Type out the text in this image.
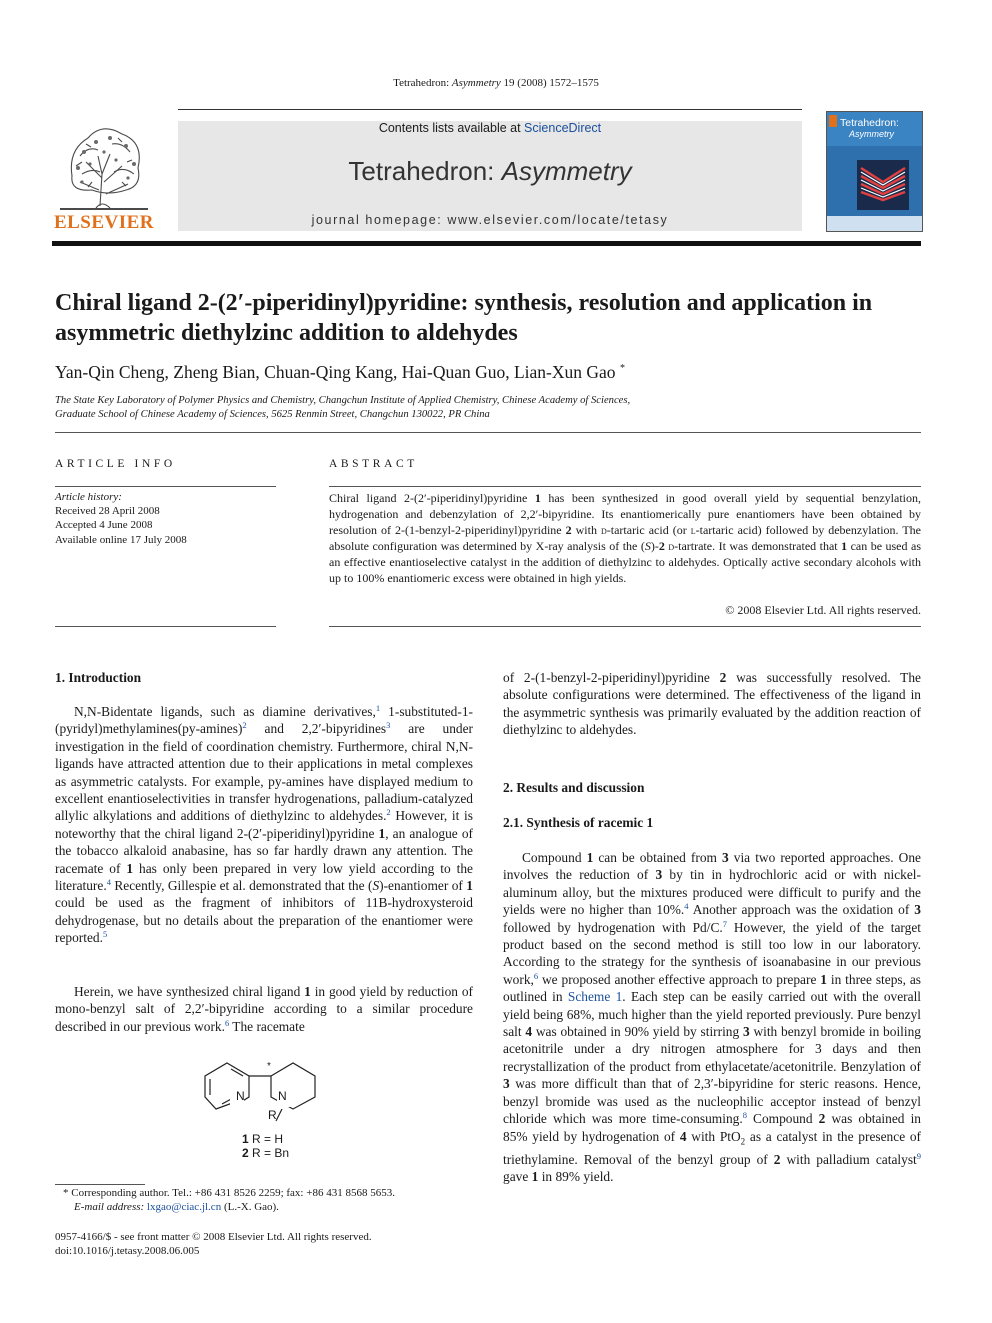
Tetrahedron: Asymmetry 19 (2008) 1572–1575
ELSEVIER
Contents lists available at ScienceDirect
Tetrahedron: Asymmetry
journal homepage: www.elsevier.com/locate/tetasy
Tetrahedron:
Asymmetry
Chiral ligand 2-(2′-piperidinyl)pyridine: synthesis, resolution and application in asymmetric diethylzinc addition to aldehydes
Yan-Qin Cheng, Zheng Bian, Chuan-Qing Kang, Hai-Quan Guo, Lian-Xun Gao *
The State Key Laboratory of Polymer Physics and Chemistry, Changchun Institute of Applied Chemistry, Chinese Academy of Sciences,
Graduate School of Chinese Academy of Sciences, 5625 Renmin Street, Changchun 130022, PR China
ARTICLE INFO	ABSTRACT
Article history:
Received 28 April 2008
Accepted 4 June 2008
Available online 17 July 2008

Chiral ligand 2-(2′-piperidinyl)pyridine 1 has been synthesized in good overall yield by sequential benzylation, hydrogenation and debenzylation of 2,2′-bipyridine. Its enantiomerically pure enantiomers have been obtained by resolution of 2-(1-benzyl-2-piperidinyl)pyridine 2 with d-tartaric acid (or l-tartaric acid) followed by debenzylation. The absolute configuration was determined by X-ray analysis of the (S)-2 d-tartrate. It was demonstrated that 1 can be used as an effective enantioselective catalyst in the addition of diethylzinc to aldehydes. Optically active secondary alcohols with up to 100% enantiomeric excess were obtained in high yields.

© 2008 Elsevier Ltd. All rights reserved.
1. Introduction

N,N-Bidentate ligands, such as diamine derivatives,$^1$ 1-substituted-1-(pyridyl)methylamines(py-amines)$^2$ and 2,2′-bipyridines$^3$ are under investigation in the field of coordination chemistry. Furthermore, chiral N,N-ligands have attracted attention due to their applications in metal complexes as asymmetric catalysts. For example, py-amines have displayed medium to excellent enantioselectivities in transfer hydrogenations, palladium-catalyzed allylic alkylations and additions of diethylzinc to aldehydes.$^2$ However, it is noteworthy that the chiral ligand 2-(2′-piperidinyl)pyridine 1, an analogue of the tobacco alkaloid anabasine, has so far hardly drawn any attention. The racemate of 1 has only been prepared in very low yield according to the literature.$^4$ Recently, Gillespie et al. demonstrated that the (S)-enantiomer of 1 could be used as the fragment of inhibitors of 11B-hydroxysteroid dehydrogenase, but no details about the preparation of the enantiomer were reported.$^5$

Herein, we have synthesized chiral ligand 1 in good yield by reduction of mono-benzyl salt of 2,2′-bipyridine according to a similar procedure described in our previous work.$^6$ The racemate

N	N
*
R
1 R = H
2 R = Bn
* Corresponding author. Tel.: +86 431 8526 2259; fax: +86 431 8568 5653.
E-mail address: lxgao@ciac.jl.cn (L.-X. Gao).
0957-4166/$ - see front matter © 2008 Elsevier Ltd. All rights reserved.
doi:10.1016/j.tetasy.2008.06.005

of 2-(1-benzyl-2-piperidinyl)pyridine 2 was successfully resolved. The absolute configurations were determined. The effectiveness of the ligand in the asymmetric synthesis was primarily evaluated by the addition reaction of diethylzinc to aldehydes.

2. Results and discussion
2.1. Synthesis of racemic 1

Compound 1 can be obtained from 3 via two reported approaches. One involves the reduction of 3 by tin in hydrochloric acid or with nickel-aluminum alloy, but the mixtures produced were difficult to purify and the yields were no higher than 10%.$^4$ Another approach was the oxidation of 3 followed by hydrogenation with Pd/C.$^7$ However, the yield of the target product based on the second method is still too low in our laboratory. According to the strategy for the synthesis of isoanabasine in our previous work,$^6$ we proposed another effective approach to prepare 1 in three steps, as outlined in Scheme 1. Each step can be easily carried out with the overall yield being 68%, much higher than the yield reported previously. Pure benzyl salt 4 was obtained in 90% yield by stirring 3 with benzyl bromide in boiling acetonitrile under a dry nitrogen atmosphere for 3 days and then recrystallization of the product from ethylacetate/acetonitrile. Benzylation of 3 was more difficult than that of 2,3′-bipyridine for steric reasons. Hence, benzyl bromide was used as the nucleophilic acceptor instead of benzyl chloride which was more time-consuming.$^8$ Compound 2 was obtained in 85% yield by hydrogenation of 4 with PtO$_2$ as a catalyst in the presence of triethylamine. Removal of the benzyl group of 2 with palladium catalyst$^9$ gave 1 in 89% yield.
